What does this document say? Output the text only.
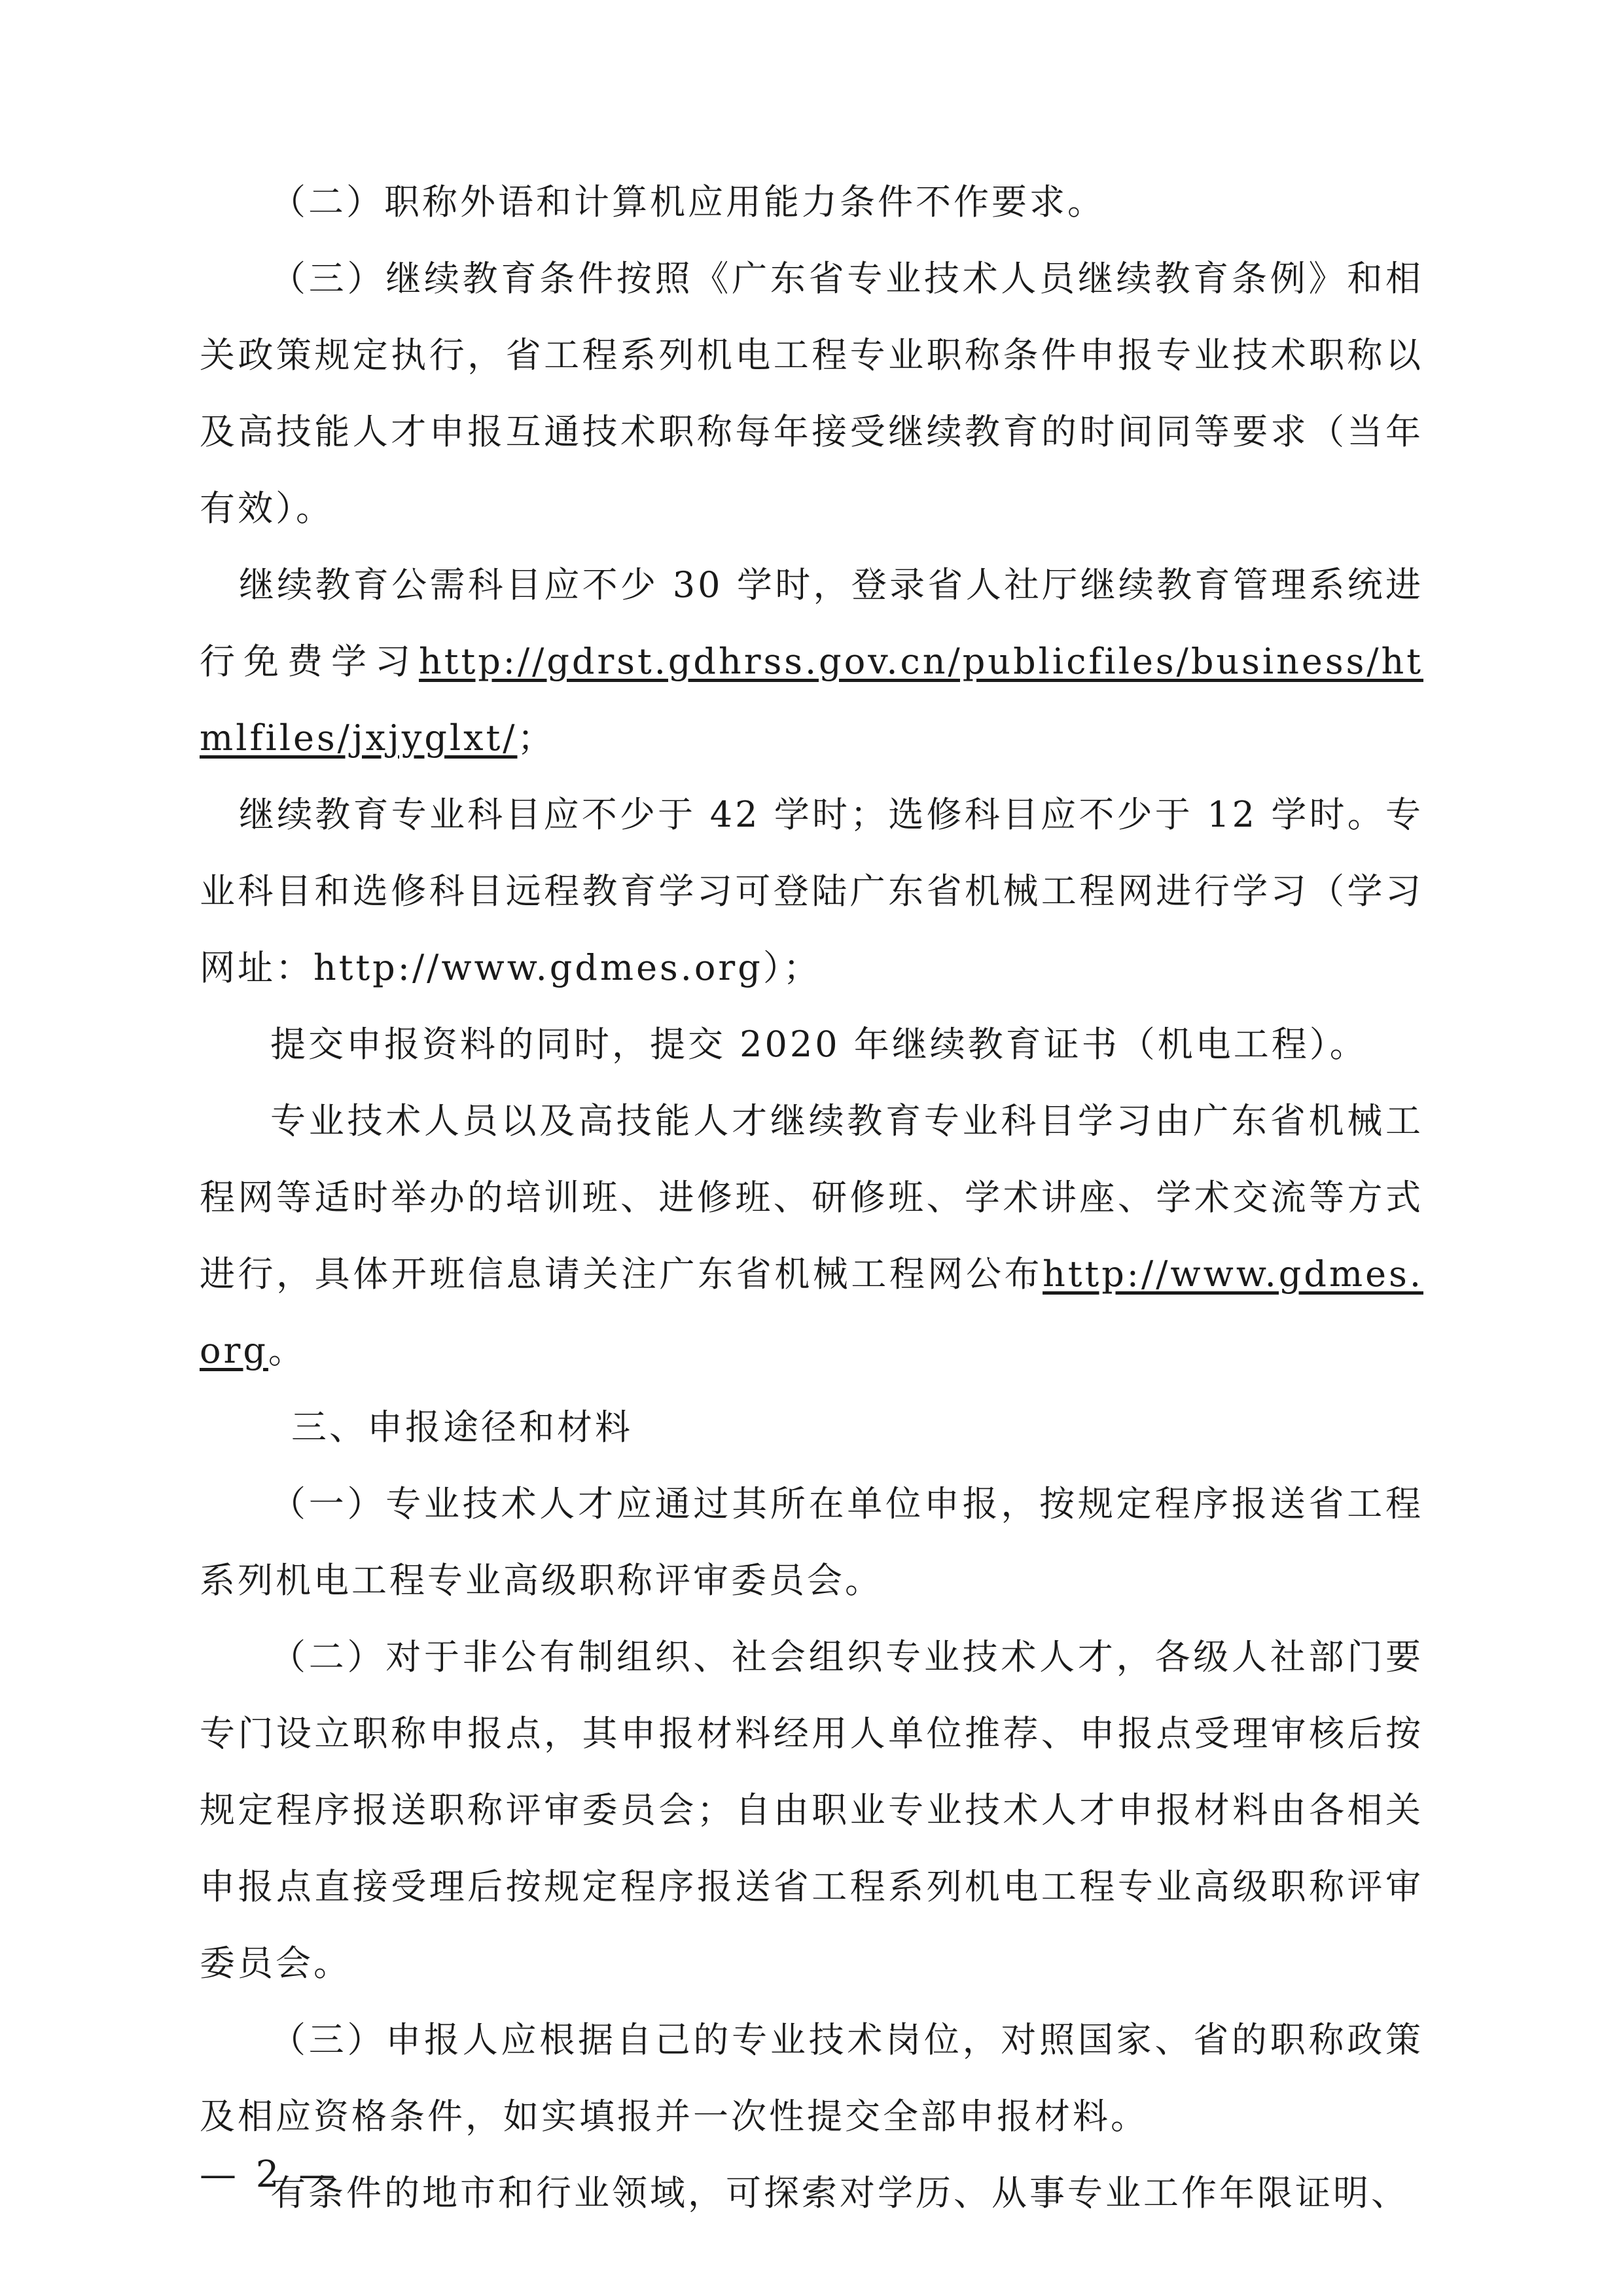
（二）职称外语和计算机应用能力条件不作要求。

（三）继续教育条件按照《广东省专业技术人员继续教育条例》和相关政策规定执行，省工程系列机电工程专业职称条件申报专业技术职称以及高技能人才申报互通技术职称每年接受继续教育的时间同等要求（当年有效）。

继续教育公需科目应不少 30 学时，登录省人社厅继续教育管理系统进行免费学习http://gdrst.gdhrss.gov.cn/publicfiles/business/htmlfiles/jxjyglxt/；

继续教育专业科目应不少于 42 学时；选修科目应不少于 12 学时。专业科目和选修科目远程教育学习可登陆广东省机械工程网进行学习（学习网址：http://www.gdmes.org）；

提交申报资料的同时，提交 2020 年继续教育证书（机电工程）。

专业技术人员以及高技能人才继续教育专业科目学习由广东省机械工程网等适时举办的培训班、进修班、研修班、学术讲座、学术交流等方式进行，具体开班信息请关注广东省机械工程网公布http://www.gdmes.org。

三、申报途径和材料

（一）专业技术人才应通过其所在单位申报，按规定程序报送省工程系列机电工程专业高级职称评审委员会。

（二）对于非公有制组织、社会组织专业技术人才，各级人社部门要专门设立职称申报点，其申报材料经用人单位推荐、申报点受理审核后按规定程序报送职称评审委员会；自由职业专业技术人才申报材料由各相关申报点直接受理后按规定程序报送省工程系列机电工程专业高级职称评审委员会。

（三）申报人应根据自己的专业技术岗位，对照国家、省的职称政策及相应资格条件，如实填报并一次性提交全部申报材料。

有条件的地市和行业领域，可探索对学历、从事专业工作年限证明、

— 2 —
